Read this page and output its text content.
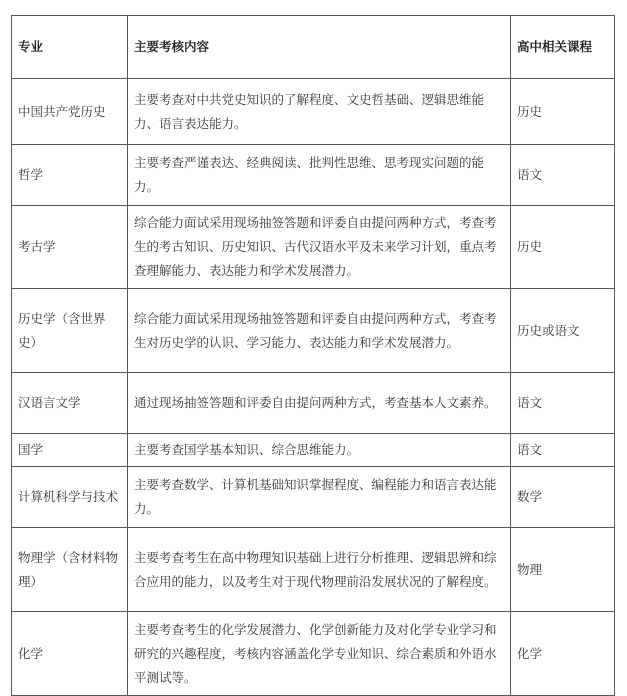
专业	主要考核内容	高中相关课程
中国共产党历史	主要考查对中共党史知识的了解程度、文史哲基础、逻辑思维能力、语言表达能力。	历史
哲学	主要考查严谨表达、经典阅读、批判性思维、思考现实问题的能力。	语文
考古学	综合能力面试采用现场抽签答题和评委自由提问两种方式，考查考生的考古知识、历史知识、古代汉语水平及未来学习计划，重点考查理解能力、表达能力和学术发展潜力。	历史
历史学（含世界史）	综合能力面试采用现场抽签答题和评委自由提问两种方式，考查考生对历史学的认识、学习能力、表达能力和学术发展潜力。	历史或语文
汉语言文学	通过现场抽签答题和评委自由提问两种方式，考查基本人文素养。	语文
国学	主要考查国学基本知识、综合思维能力。	语文
计算机科学与技术	主要考查数学、计算机基础知识掌握程度、编程能力和语言表达能力。	数学
物理学（含材料物理）	主要考查考生在高中物理知识基础上进行分析推理、逻辑思辨和综合应用的能力，以及考生对于现代物理前沿发展状况的了解程度。	物理
化学	主要考查考生的化学发展潜力、化学创新能力及对化学专业学习和研究的兴趣程度，考核内容涵盖化学专业知识、综合素质和外语水平测试等。	化学
